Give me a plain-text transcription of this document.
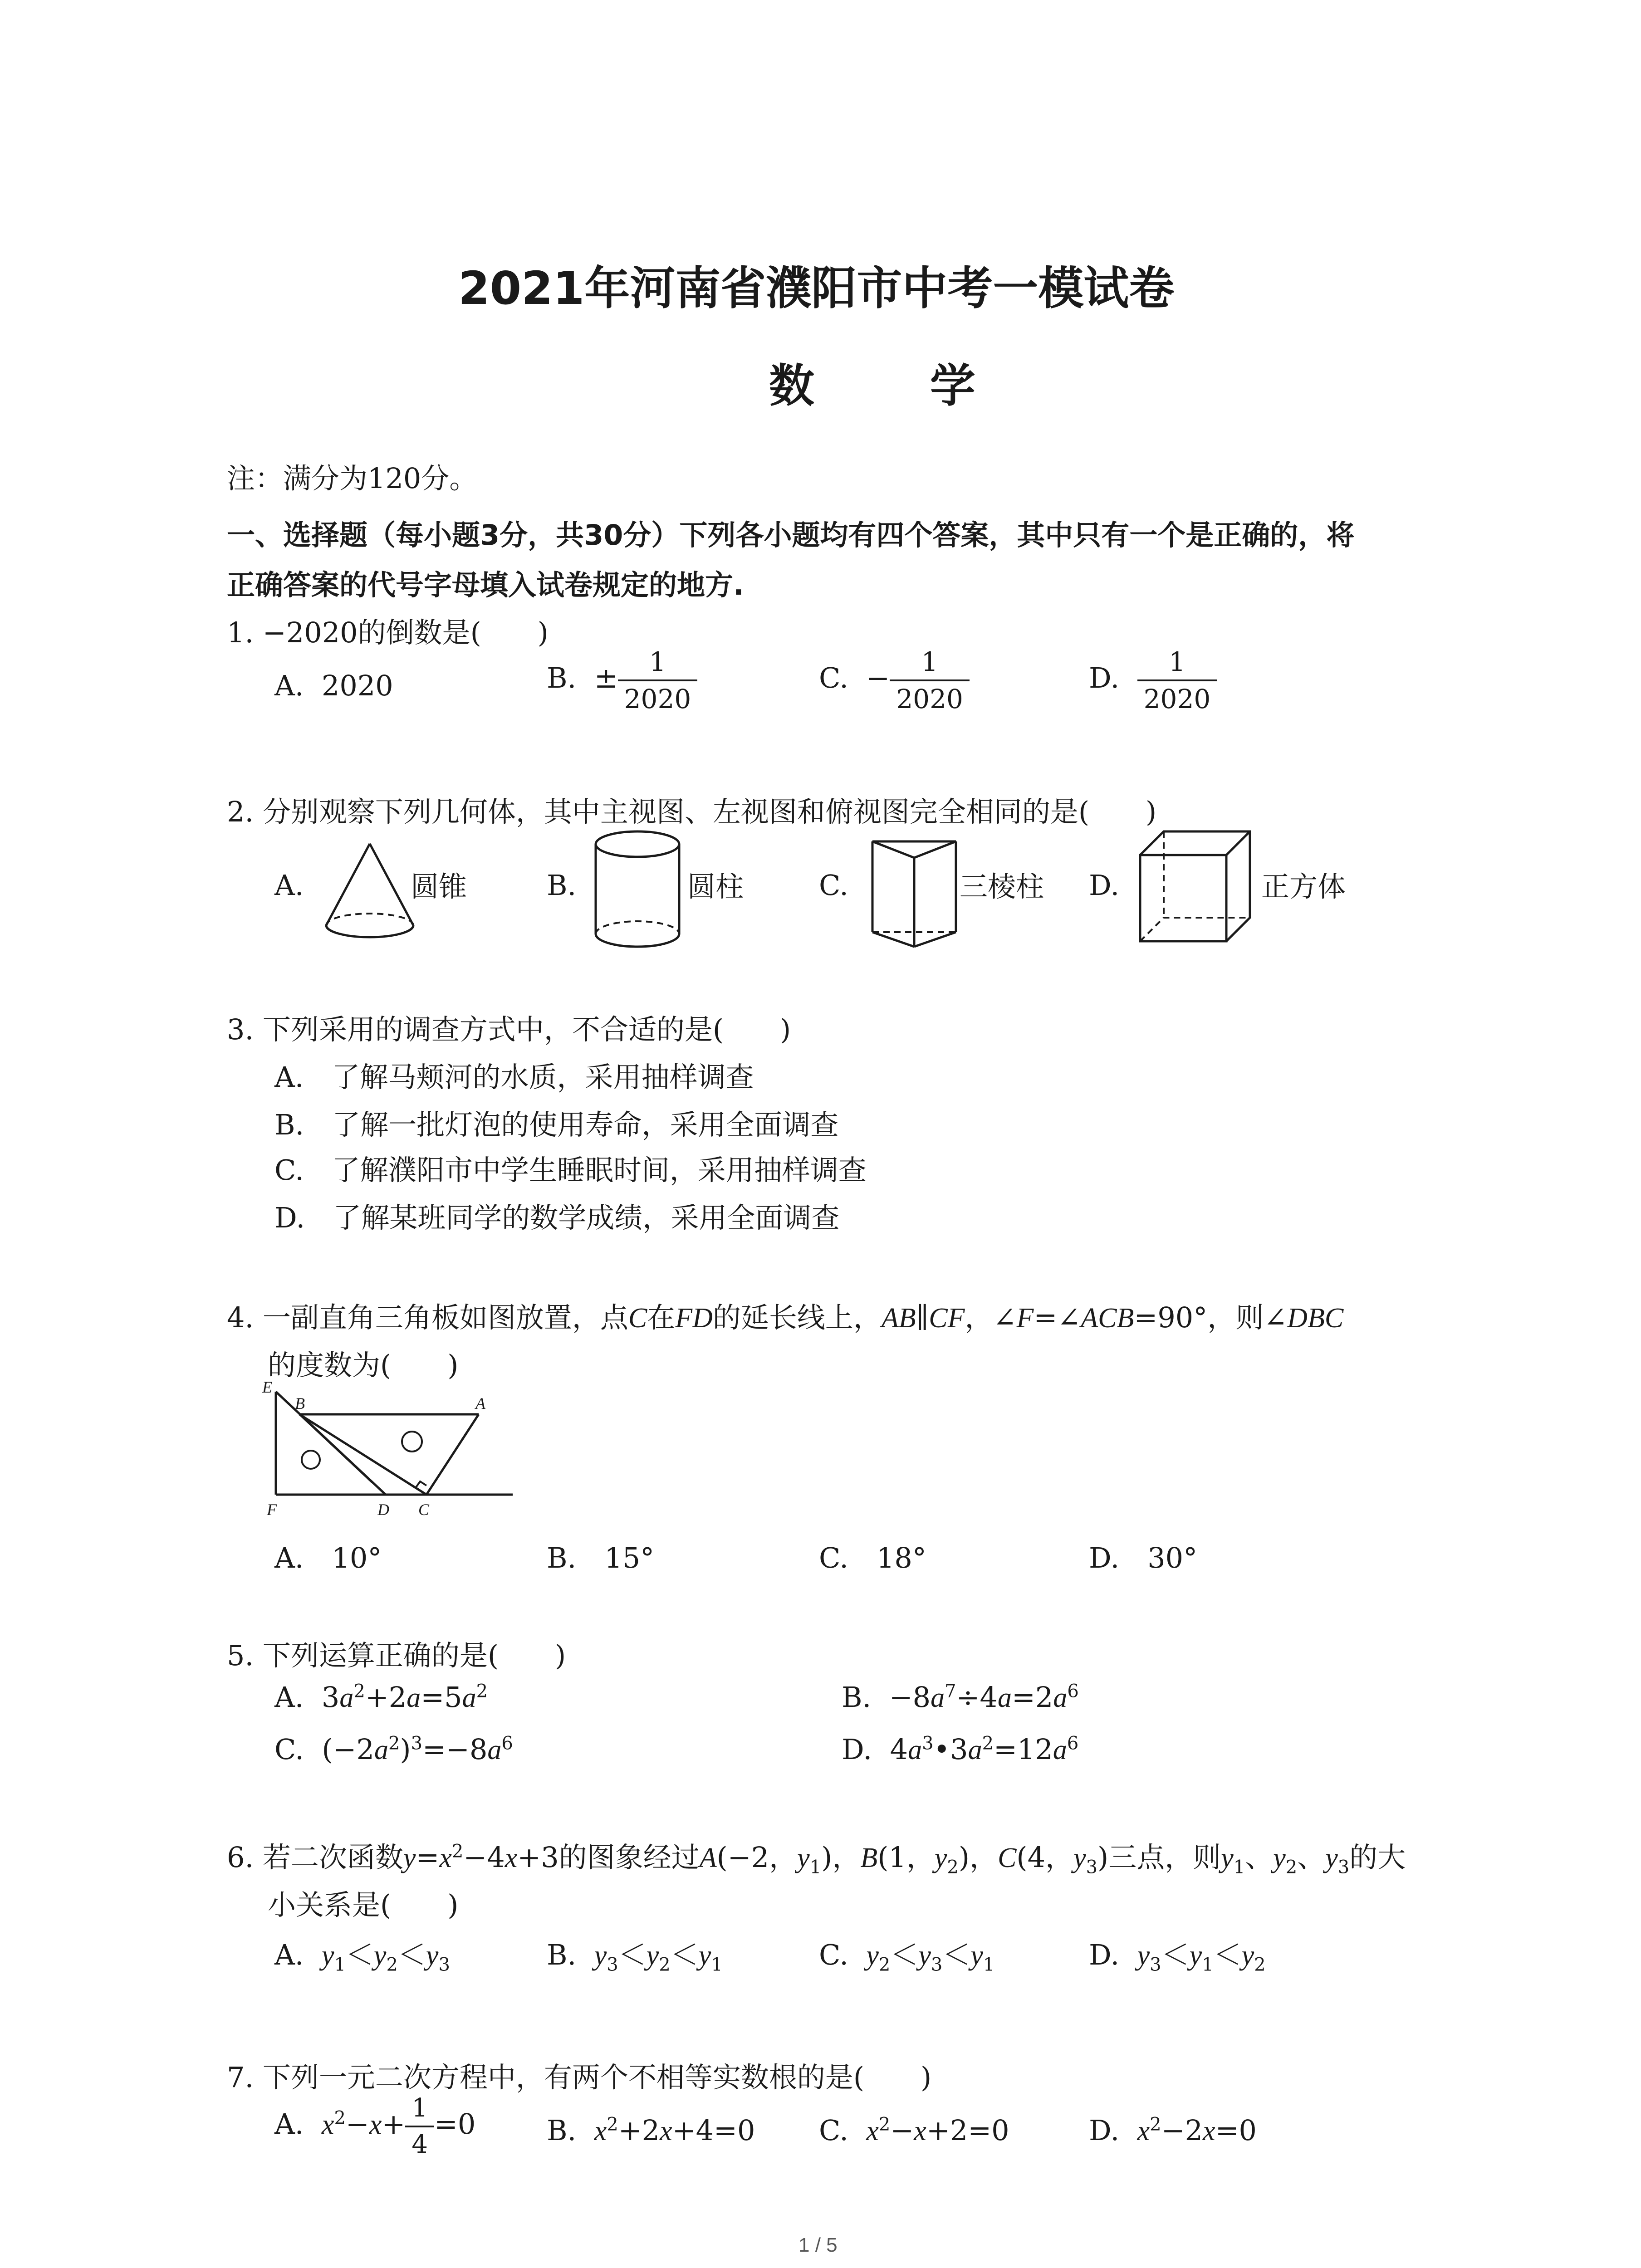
2021年河南省濮阳市中考一模试卷
数 学
注：满分为120分。
一、选择题（每小题3分，共30分）下列各小题均有四个答案，其中只有一个是正确的，将
正确答案的代号字母填入试卷规定的地方.
1. −2020的倒数是(　　)
A. 2020	B. ± $\frac{1}{2020}$	C. − $\frac{1}{2020}$	D. $\frac{1}{2020}$
2. 分别观察下列几何体，其中主视图、左视图和俯视图完全相同的是(　　)
A.	圆锥	B.	圆柱	C.	三棱柱 D.	正方体
3. 下列采用的调查方式中，不合适的是(　　)
A.　了解马颊河的水质，采用抽样调查
B.　了解一批灯泡的使用寿命，采用全面调查
C.　了解濮阳市中学生睡眠时间，采用抽样调查
D.　了解某班同学的数学成绩，采用全面调查
4. 一副直角三角板如图放置，点C在FD的延长线上，AB∥CF，∠F=∠ACB=90°，则∠DBC
的度数为(　　)
E
B	A
F	D C
A.　10°	B.　15°	C.　18°	D.　30°
5. 下列运算正确的是(　　)
A.  $3a^2+2a=5a^2$	B.  $-8a^7\div 4a=2a^6$
C.  $(-2a^2)^3=-8a^6$	D.  $4a^3•3a^2=12a^6$
6. 若二次函数$y=x^2-4x+3$的图象经过A(−2，$y_1$)，B(1，$y_2$)，C(4，$y_3$)三点，则$y_1$、$y_2$、$y_3$的大
小关系是(　　)
A. $y_1<y_2<y_3$	B. $y_3<y_2<y_1$	C. $y_2<y_3<y_1$	D. $y_3<y_1<y_2$
7. 下列一元二次方程中，有两个不相等实数根的是(　　)
A. $x^2-x+ \frac{1}{4} =0$	B. $x^2+2x+4=0$ C. $x^2-x+2=0$	D. $x^2-2x=0$
1 / 5
